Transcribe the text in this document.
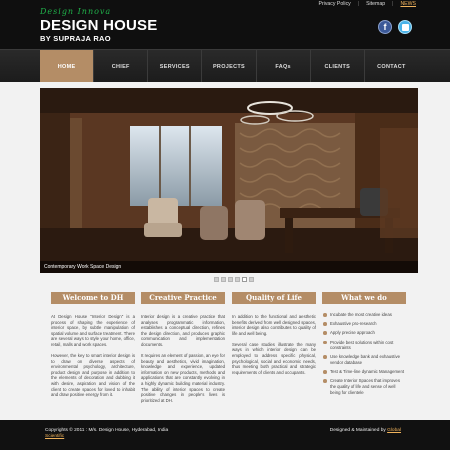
Privacy Policy | Sitemap | NEWS
Design Innova
DESIGN HOUSE
BY SUPRAJA RAO
f
HOME	CHIEF	SERVICES	PROJECTS	FAQs	CLIENTS	CONTACT
Contemporary Work Space Design
Welcome to DH

At Design House "Interior Design" is a process of shaping the experience of interior space, by subtle manipulation of spatial volume and surface treatment. There are several ways to style your home, office, retail, malls and work spaces.

However, the key to smart interior design is to draw on diverse aspects of environmental psychology, architecture, product design and purpose in addition to the elements of decoration and dubbing it with desire, aspiration and vision of the client to create spaces for loved to inhabit and draw positive energy from it.

Creative Practice

Interior design is a creative practice that analyses programmatic information, establishes a conceptual direction, refines the design direction, and produces graphic communication and implementation documents.

It requires an element of passion, an eye for beauty and aesthetics, vivid imagination, knowledge and experience, updated information on new products, methods and applications that are constantly evolving in a highly dynamic building material industry. The ability of interior spaces to create positive changes in people's lives is prioritized at DH.

Quality of Life

In addition to the functional and aesthetic benefits derived from well designed spaces, interior design also contributes to quality of life and well being.

Several case studies illustrate the many ways in which interior design can be employed to address specific physical, psychological, social and economic needs, thus meeting both practical and strategic requirements of clients and occupants.

What we do
Incubate the most creative ideas
Exhaustive pro-research
Apply precise approach
Provide best solutions within cost constraints
Use knowledge bank and exhaustive vendor database
Test & Time-line dynamic Management
Create Interior Spaces that improves the quality of life and sense of well being for clientele
Copyrights © 2011 : M/s. Design House, Hyderabad, India
Scientific
Designed & Maintained by Global
